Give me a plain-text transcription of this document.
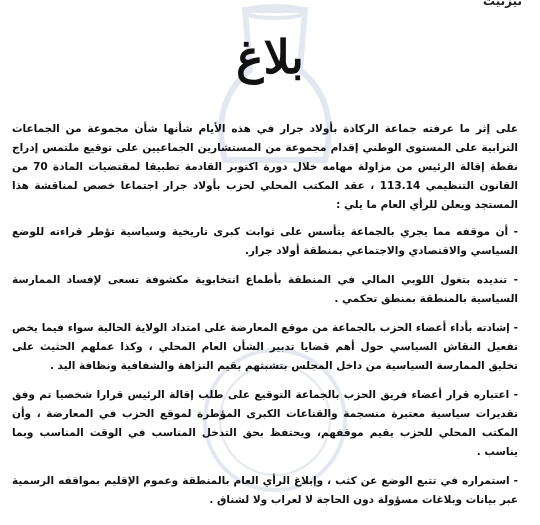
تيزنيت

بلاغ

على إثر ما عرفته جماعة الركادة بأولاد جرار في هذه الأيام شأنها شأن مجموعة من الجماعات الترابية على المستوى الوطني إقدام مجموعة من المستشارين الجماعيين على توقيع ملتمس إدراج نقطة إقالة الرئيس من مزاولة مهامه خلال دورة اكتوبر القادمة تطبيقا لمقتضيات المادة 70 من القانون التنظيمي 113.14 ، عقد المكتب المحلي لحزب بأولاد جرار اجتماعا خصص لمناقشة هذا المستجد ويعلن للرأي العام ما يلي :

- أن موقفه مما يجري بالجماعة يتأسس على ثوابت كبرى تاريخية وسياسية تؤطر قراءته للوضع السياسي والاقتصادي والاجتماعي بمنطقة أولاد جرار.

- تنديده بتغول اللوبي المالي في المنطقة بأطماع انتخابوية مكشوفة تسعى لإفساد الممارسة السياسية بالمنطقة بمنطق تحكمي .

- إشادته بأداء أعضاء الحزب بالجماعة من موقع المعارضة على امتداد الولاية الحالية سواء فيما يخص تفعيل النقاش السياسي حول أهم قضايا تدبير الشأن العام المحلي ، وكذا عملهم الحثيث على تخليق الممارسة السياسية من داخل المجلس بتشبثهم بقيم النزاهة والشفافية ونظافة اليد .

- اعتباره قرار أعضاء فريق الحزب بالجماعة التوقيع على طلب إقالة الرئيس قرارا شخصيا تم وفق تقديرات سياسية معتبرة منسجمة والقناعات الكبرى المؤطرة لموقع الحزب في المعارضة ، وأن المكتب المحلي للحزب يقيم موقفهم، ويحتفظ بحق التدخل المناسب في الوقت المناسب وبما يناسب .

- استمراره في تتبع الوضع عن كثب ، وإبلاغ الرأي العام بالمنطقة وعموم الإقليم بمواقفه الرسمية عبر بيانات وبلاغات مسؤولة دون الحاجة لا لعراب ولا لشناق .
